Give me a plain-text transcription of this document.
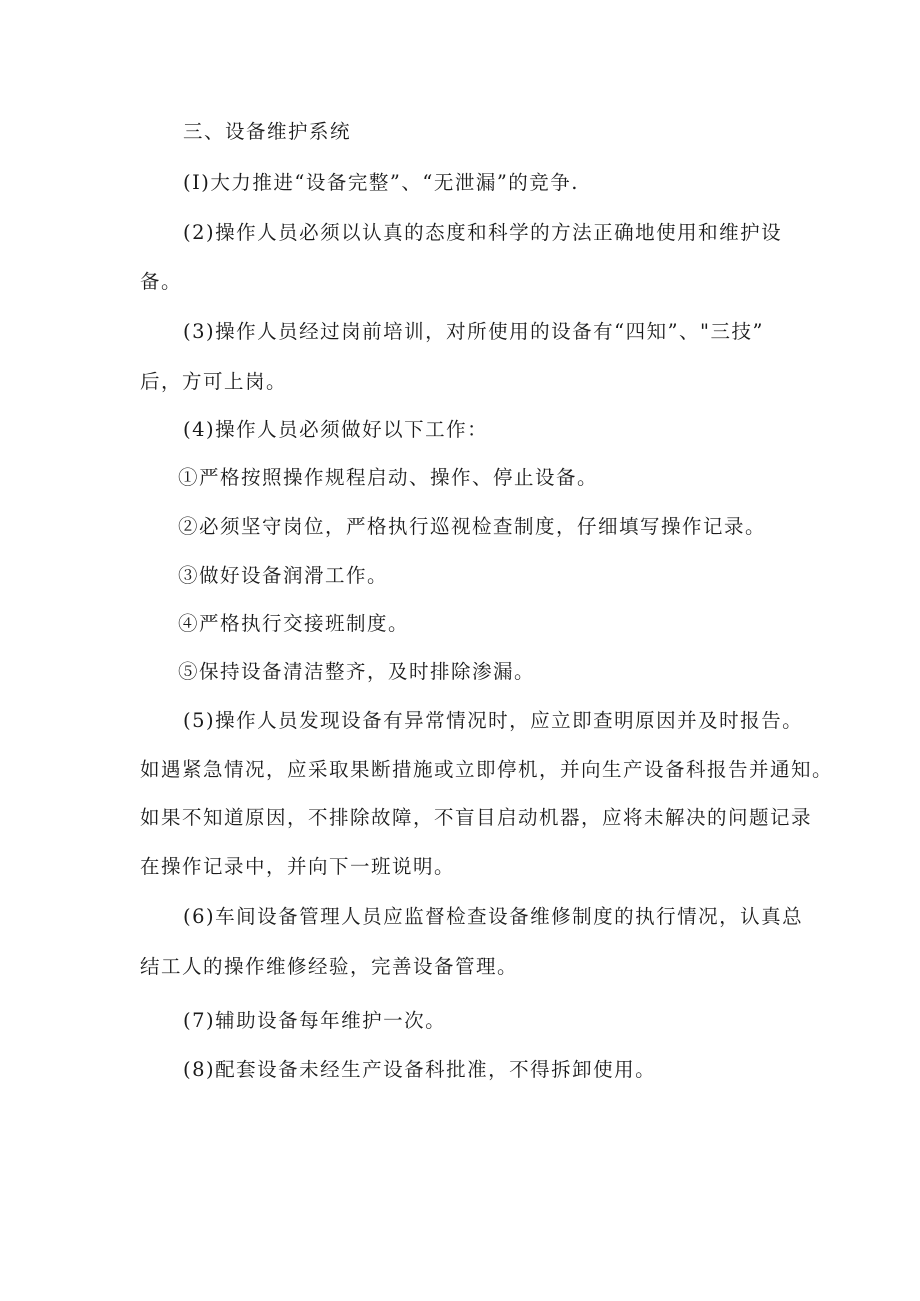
三、设备维护系统

(I)大力推进“设备完整”、“无泄漏”的竞争.

(2)操作人员必须以认真的态度和科学的方法正确地使用和维护设

备。

(3)操作人员经过岗前培训，对所使用的设备有“四知”、"三技”

后，方可上岗。

(4)操作人员必须做好以下工作：

①严格按照操作规程启动、操作、停止设备。

②必须坚守岗位，严格执行巡视检查制度，仔细填写操作记录。

③做好设备润滑工作。

④严格执行交接班制度。

⑤保持设备清洁整齐，及时排除渗漏。

(5)操作人员发现设备有异常情况时，应立即查明原因并及时报告。

如遇紧急情况，应采取果断措施或立即停机，并向生产设备科报告并通知。

如果不知道原因，不排除故障，不盲目启动机器，应将未解决的问题记录

在操作记录中，并向下一班说明。

(6)车间设备管理人员应监督检查设备维修制度的执行情况，认真总

结工人的操作维修经验，完善设备管理。

(7)辅助设备每年维护一次。

(8)配套设备未经生产设备科批准，不得拆卸使用。
